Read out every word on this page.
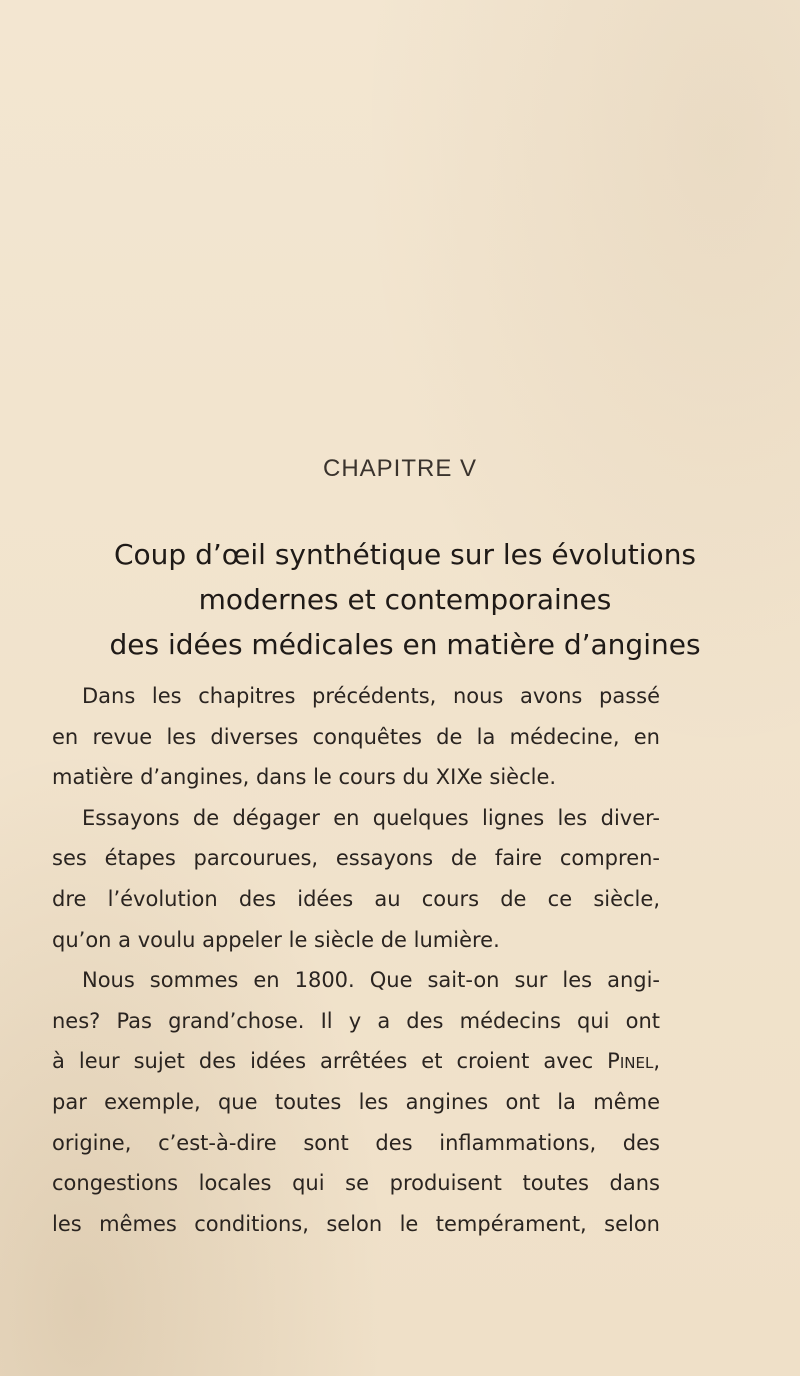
CHAPITRE V
Coup d’œil synthétique sur les évolutions
modernes et contemporaines
des idées médicales en matière d’angines
Dans les chapitres précédents, nous avons passé
en revue les diverses conquêtes de la médecine, en
matière d’angines, dans le cours du XIXe siècle.
Essayons de dégager en quelques lignes les diver-
ses étapes parcourues, essayons de faire compren-
dre l’évolution des idées au cours de ce siècle,
qu’on a voulu appeler le siècle de lumière.
Nous sommes en 1800. Que sait-on sur les angi-
nes? Pas grand’chose. Il y a des médecins qui ont
à leur sujet des idées arrêtées et croient avec Pinel,
par exemple, que toutes les angines ont la même
origine, c’est-à-dire sont des inflammations, des
congestions locales qui se produisent toutes dans
les mêmes conditions, selon le tempérament, selon
